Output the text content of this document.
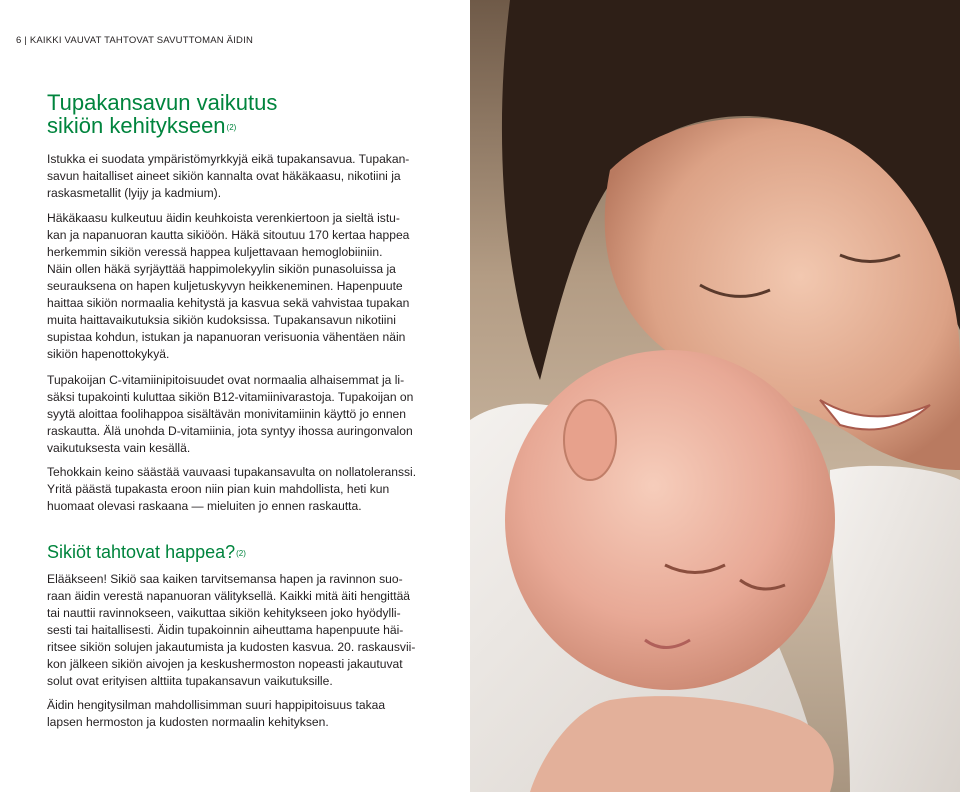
6 | KAIKKI VAUVAT TAHTOVAT SAVUTTOMAN ÄIDIN
Tupakansavun vaikutus
sikiön kehitykseen$^{(2)}$

Istukka ei suodata ympäristömyrkkyjä eikä tupakansavua. Tupakan-
savun haitalliset aineet sikiön kannalta ovat häkäkaasu, nikotiini ja
raskasmetallit (lyijy ja kadmium).

Häkäkaasu kulkeutuu äidin keuhkoista verenkiertoon ja sieltä istu-
kan ja napanuoran kautta sikiöön. Häkä sitoutuu 170 kertaa happea
herkemmin sikiön veressä happea kuljettavaan hemoglobiiniin.
Näin ollen häkä syrjäyttää happimolekyylin sikiön punasoluissa ja
seurauksena on hapen kuljetuskyvyn heikkeneminen. Hapenpuute
haittaa sikiön normaalia kehitystä ja kasvua sekä vahvistaa tupakan
muita haittavaikutuksia sikiön kudoksissa. Tupakansavun nikotiini
supistaa kohdun, istukan ja napanuoran verisuonia vähentäen näin
sikiön hapenottokykyä.

Tupakoijan C-vitamiinipitoisuudet ovat normaalia alhaisemmat ja li-
säksi tupakointi kuluttaa sikiön B12-vitamiinivarastoja. Tupakoijan on
syytä aloittaa foolihappoa sisältävän monivitamiinin käyttö jo ennen
raskautta. Älä unohda D-vitamiinia, jota syntyy ihossa auringonvalon
vaikutuksesta vain kesällä.

Tehokkain keino säästää vauvaasi tupakansavulta on nollatoleranssi.
Yritä päästä tupakasta eroon niin pian kuin mahdollista, heti kun
huomaat olevasi raskaana — mieluiten jo ennen raskautta.

Sikiöt tahtovat happea?$^{(2)}$

Elääkseen! Sikiö saa kaiken tarvitsemansa hapen ja ravinnon suo-
raan äidin verestä napanuoran välityksellä. Kaikki mitä äiti hengittää
tai nauttii ravinnokseen, vaikuttaa sikiön kehitykseen joko hyödylli-
sesti tai haitallisesti. Äidin tupakoinnin aiheuttama hapenpuute häi-
ritsee sikiön solujen jakautumista ja kudosten kasvua. 20. raskausvii-
kon jälkeen sikiön aivojen ja keskushermoston nopeasti jakautuvat
solut ovat erityisen alttiita tupakansavun vaikutuksille.

Äidin hengitysilman mahdollisimman suuri happipitoisuus takaa
lapsen hermoston ja kudosten normaalin kehityksen.
